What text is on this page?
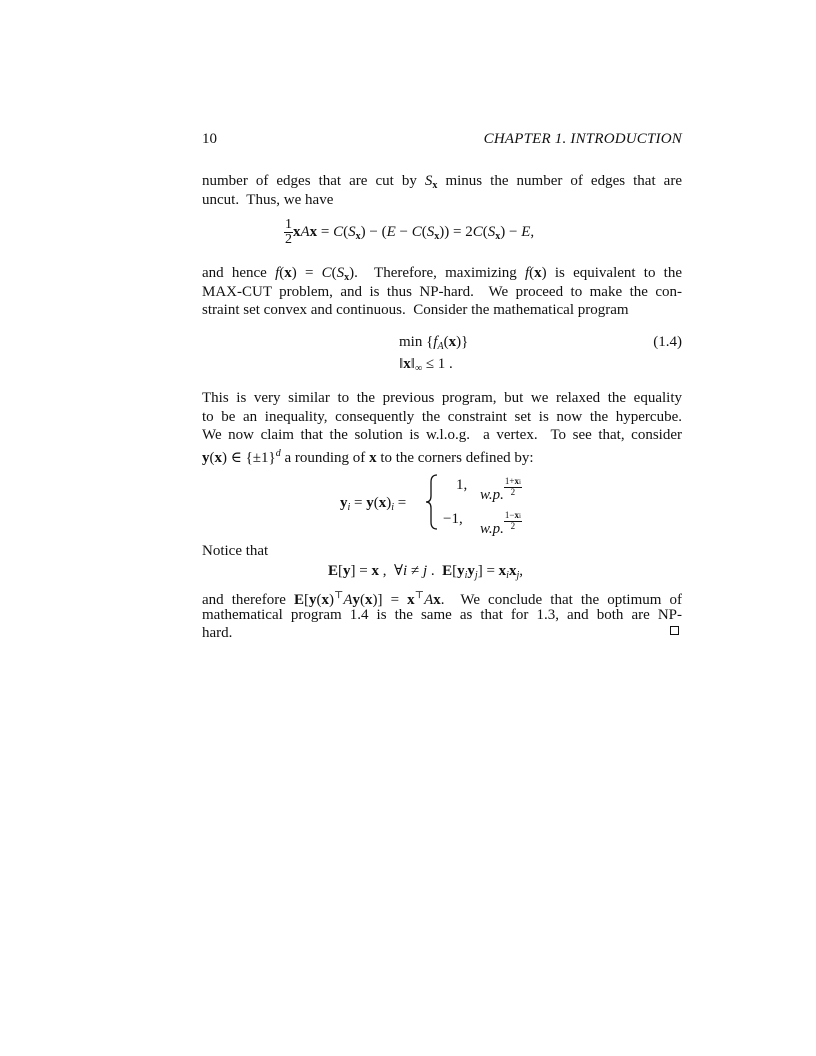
10	CHAPTER 1. INTRODUCTION
number of edges that are cut by $S_x$ minus the number of edges that are
uncut.  Thus, we have
$\frac{1}{2}$ xAx = $C(S_x) - (E - C(S_x)) = 2C(S_x) - E$,
and hence $f(x) = C(S_x)$.  Therefore, maximizing f(x) is equivalent to the
MAX-CUT problem, and is thus NP-hard.  We proceed to make the con-
straint set convex and continuous.  Consider the mathematical program
$\min \{f_A(x)\}$
$‖x‖_\infty \le 1$ .
(1.4)
This is very similar to the previous program, but we relaxed the equality
to be an inequality, consequently the constraint set is now the hypercube.
We now claim that the solution is w.l.o.g.  a vertex.  To see that, consider
y(x) ∈ $\{\pm 1\}^d$ a rounding of x to the corners defined by:
$y_i = y(x)_i$ =
1,
w.p. $\frac{1+xi}{2}$
−1,
w.p. $\frac{1-xi}{2}$
Notice that
E[y] = x ,  ∀i ≠ j .  $E[y_iy_j] = x_ix_j$,
and therefore E[y(x)⊤Ay(x)] = x⊤Ax.  We conclude that the optimum of
mathematical program 1.4 is the same as that for 1.3, and both are NP-
hard.
